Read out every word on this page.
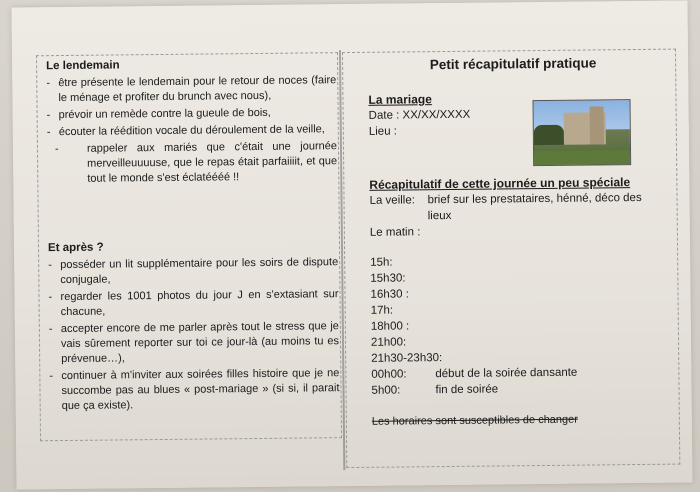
Le lendemain
- être présente le lendemain pour le retour de noces (faire le ménage et profiter du brunch avec nous),
- prévoir un remède contre la gueule de bois,
- écouter la réédition vocale du déroulement de la veille,
-	rappeler aux mariés que c'était une journée merveilleuuuuse, que le repas était parfaiiiit, et que tout le monde s'est éclatéééé !!
Et après ?
- posséder un lit supplémentaire pour les soirs de dispute conjugale,
- regarder les 1001 photos du jour J en s'extasiant sur chacune,
- accepter encore de me parler après tout le stress que je vais sûrement reporter sur toi ce jour-là (au moins tu es prévenue…),
- continuer à m'inviter aux soirées filles histoire que je ne succombe pas au blues « post-mariage » (si si, il parait que ça existe).
Petit récapitulatif pratique
La mariage
Date : XX/XX/XXXX
Lieu :
Récapitulatif de cette journée un peu spéciale
La veille:	brief sur les prestataires, hénné, déco des lieux
Le matin :
15h:
15h30:
16h30 :
17h:
18h00 :
21h00:
21h30-23h30:
00h00:	début de la soirée dansante
5h00:	fin de soirée
Les horaires sont susceptibles de changer
